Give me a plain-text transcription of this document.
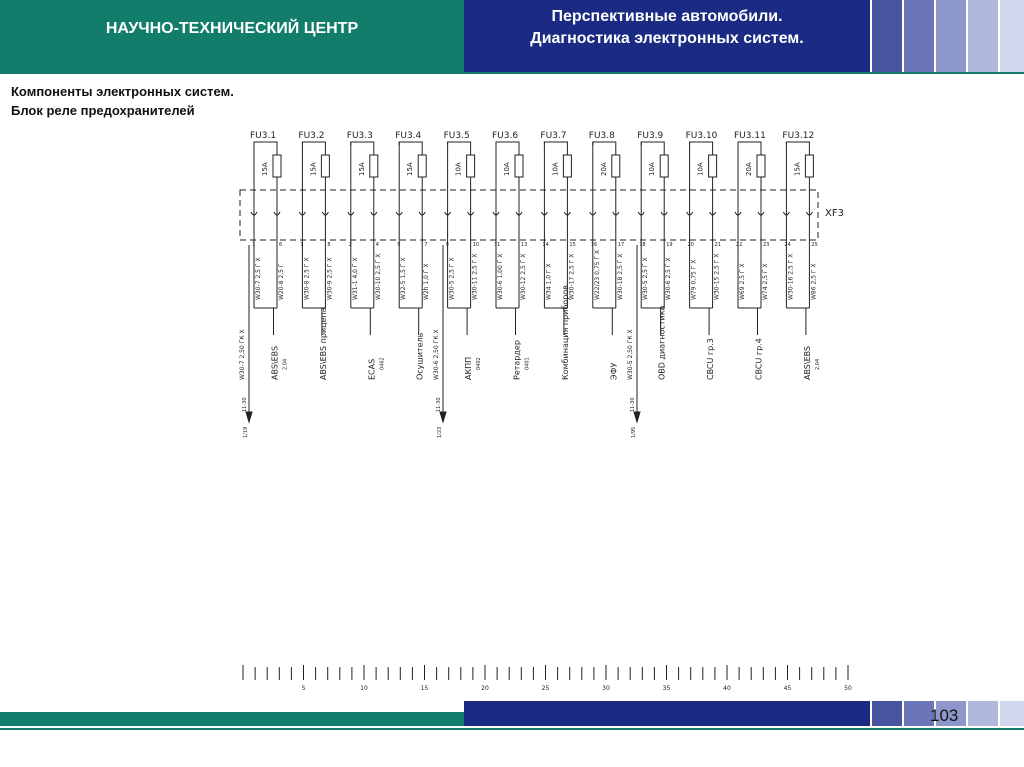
НАУЧНО-ТЕХНИЧЕСКИЙ ЦЕНТР
Перспективные автомобили.
Диагностика электронных систем.
Компоненты электронных систем.
Блок реле предохранителей
XF3
FU3.1
15A
1	6
W30-7 2,5 Г X	W20-8 2,5 Г
ABS\EBS 2,04
FU3.2
15A
3	8
W30-8 2,5 Г X	W30-9 2,5 Г X
ABS\EBS прицепа
FU3.3
15A
2	4
W31-1 4,0 Г X	W30-10 2,5 Г X
ECAS 0462
FU3.4
15A
5	7
W32-5 1,5 Г X	W2h 1,0 Г X
Осушитель
FU3.5
10A
9	10
W30-5 2,5 Г X	W30-11 2,5 Г X
АКПП 0402
FU3.6
10A
11	13
W30-6 1,00 Г X	W30-12 2,5 Г X
Ретардер 0401
FU3.7
10A
14	15
W34 1,0 Г X	W30-17 2,5 Г X
Комбинация приборов
FU3.8
20A
16	17
W22/23 0,75 Г X	W30-18 2,5 Г X
ЭФУ
FU3.9
10A
18	19
W30-5 2,5 Г X	W30-6 2,5 Г X
OBD диагностика
FU3.10
10A
20	21
W79 0,75 Г X	W30-15 2,5 Г X
CBCU гр.3
FU3.11
20A
22	23
W69 2,5 Г X	W74 2,5 Г X
CBCU гр.4
FU3.12
15A
24	25
W30-16 2,5 Г X	W86 2,5 Г X
ABS\EBS 2,04
W30-7 2,50 ГК X
11-30
1/19
W30-6 2,50 ГК X
11-30
1/23
W30-5 2,50 ГК X
11-30
1/95
5	10	15	20	25	30	35	40	45	50
103
